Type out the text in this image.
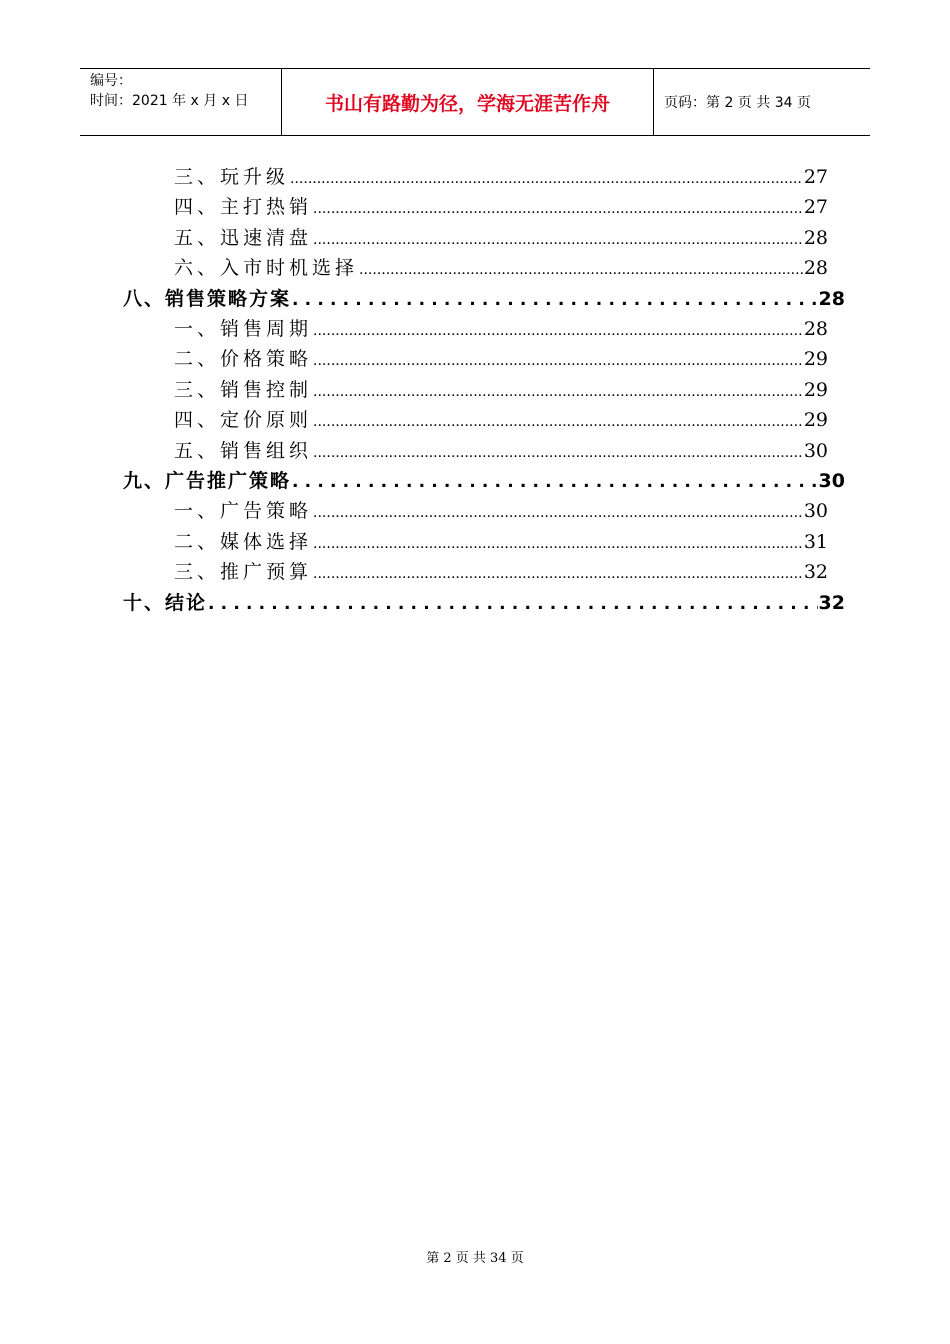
编号：
时间：2021 年 x 月 x 日	书山有路勤为径，学海无涯苦作舟	页码：第 2 页 共 34 页
三、玩升级 .....	27
四、主打热销 .....	27
五、迅速清盘 .....	28
六、入市时机选择 .....	28
八、销售策略方案 .....	28
一、销售周期 .....	28
二、价格策略 .....	29
三、销售控制 .....	29
四、定价原则 .....	29
五、销售组织 .....	30
九、广告推广策略 .....	30
一、广告策略 .....	30
二、媒体选择 .....	31
三、推广预算 .....	32
十、结论 .....	32
第 2 页 共 34 页
